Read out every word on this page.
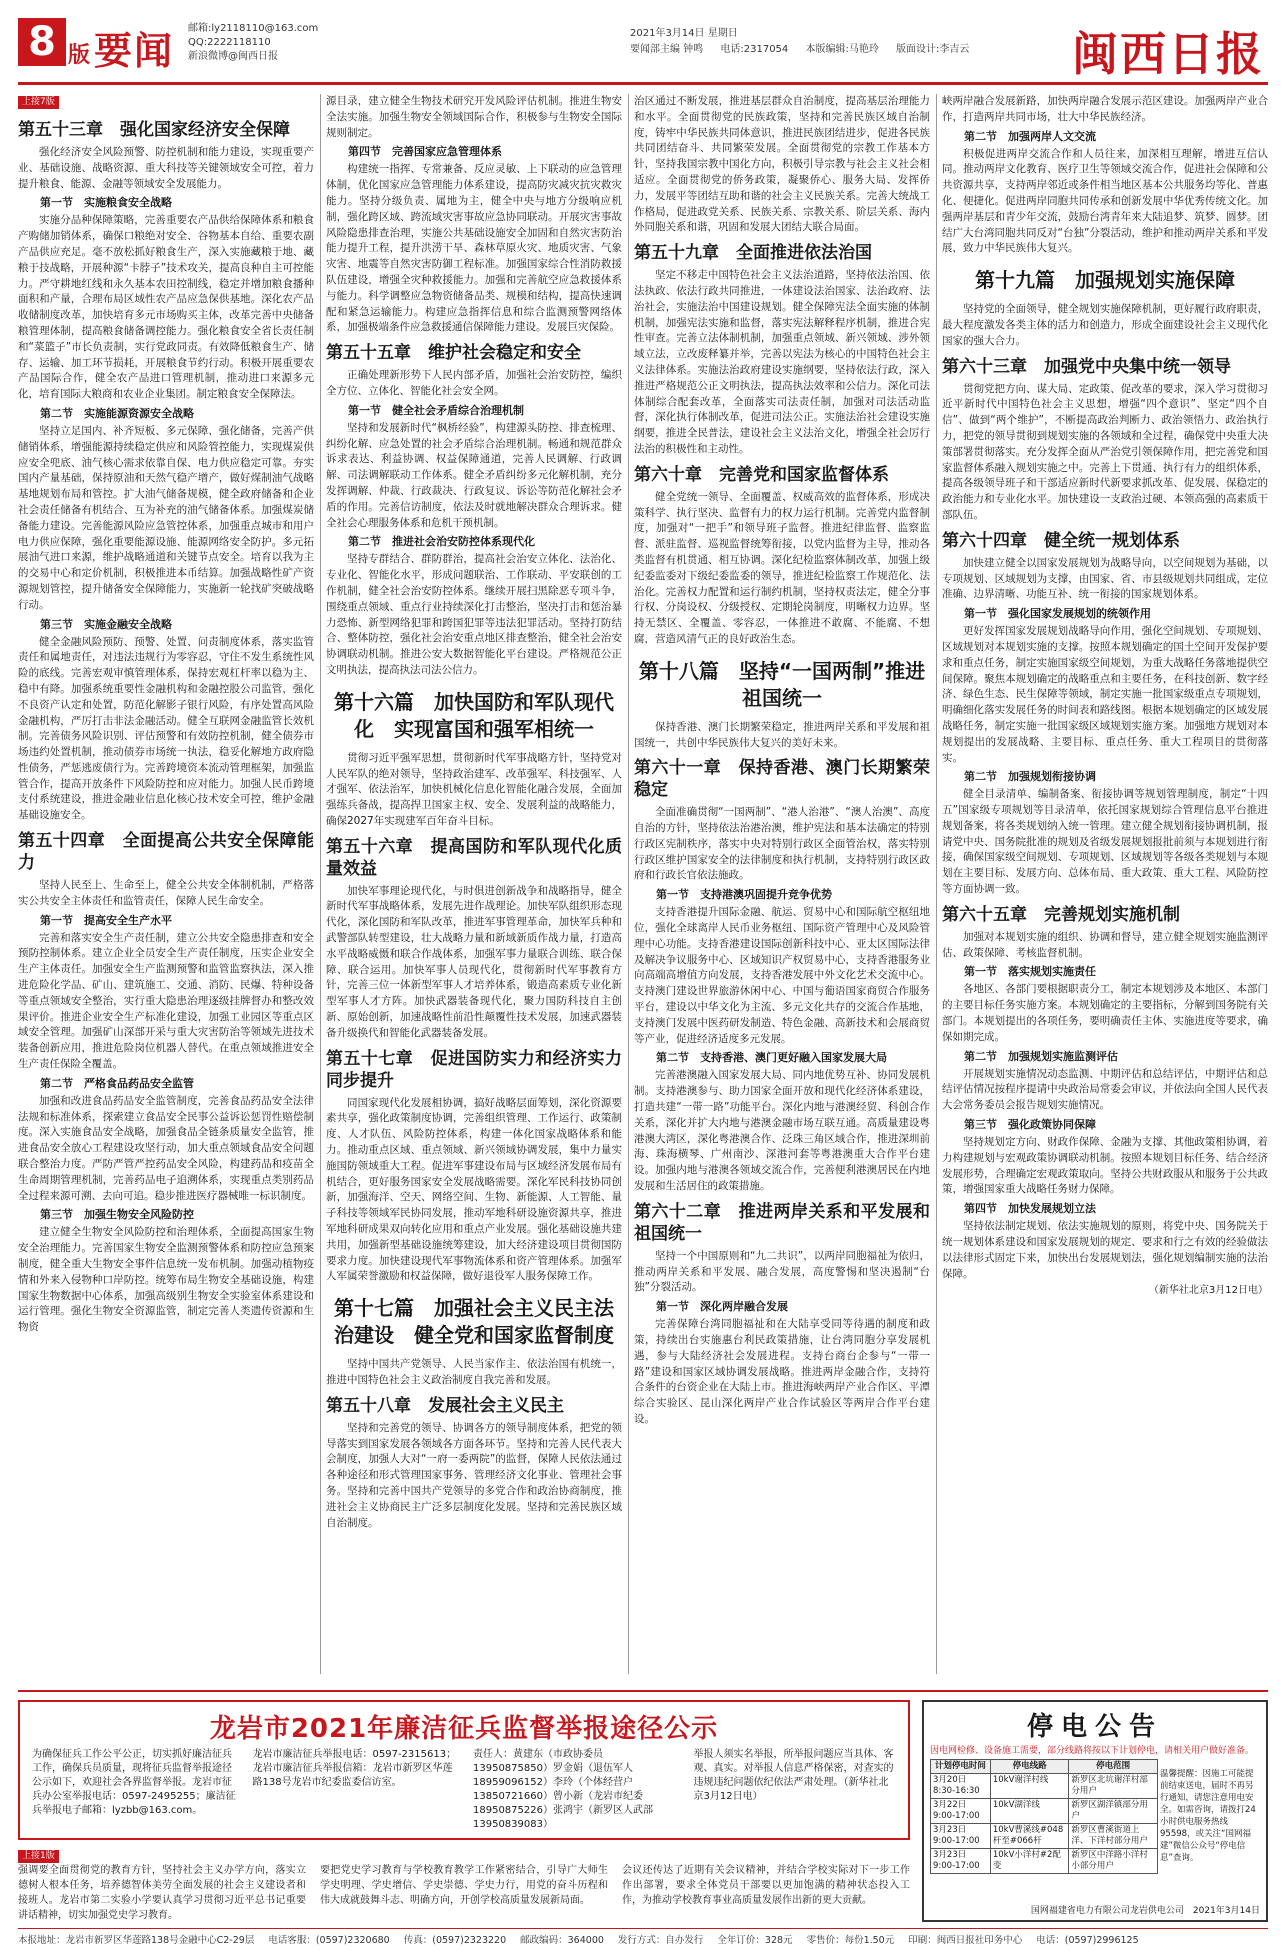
8 版 要闻
邮箱:ly2118110@163.com
QQ:2222118110
新浪微博@闽西日报
2021年3月14日 星期日
要闻部主编 钟鸣 电话:2317054 本版编辑:马艳玲 版面设计:李吉云	闽西日报
上接7版
第五十三章　强化国家经济安全保障

强化经济安全风险预警、防控机制和能力建设，实现重要产业、基础设施、战略资源、重大科技等关键领域安全可控，着力提升粮食、能源、金融等领域安全发展能力。

第一节　实施粮食安全战略

实施分品种保障策略，完善重要农产品供给保障体系和粮食产购储加销体系，确保口粮绝对安全、谷物基本自给、重要农副产品供应充足。毫不放松抓好粮食生产，深入实施藏粮于地、藏粮于技战略，开展种源“卡脖子”技术攻关，提高良种自主可控能力。严守耕地红线和永久基本农田控制线，稳定并增加粮食播种面积和产量，合理布局区域性农产品应急保供基地。深化农产品收储制度改革，加快培育多元市场购买主体，改革完善中央储备粮管理体制，提高粮食储备调控能力。强化粮食安全省长责任制和“菜篮子”市长负责制，实行党政同责。有效降低粮食生产、储存、运输、加工环节损耗，开展粮食节约行动。积极开展重要农产品国际合作，健全农产品进口管理机制，推动进口来源多元化，培育国际大粮商和农业企业集团。制定粮食安全保障法。

第二节　实施能源资源安全战略

坚持立足国内、补齐短板、多元保障、强化储备，完善产供储销体系，增强能源持续稳定供应和风险管控能力，实现煤炭供应安全兜底、油气核心需求依靠自保、电力供应稳定可靠。夯实国内产量基础，保持原油和天然气稳产增产，做好煤制油气战略基地规划布局和管控。扩大油气储备规模，健全政府储备和企业社会责任储备有机结合、互为补充的油气储备体系。加强煤炭储备能力建设。完善能源风险应急管控体系，加强重点城市和用户电力供应保障，强化重要能源设施、能源网络安全防护。多元拓展油气进口来源，维护战略通道和关键节点安全。培育以我为主的交易中心和定价机制，积极推进本币结算。加强战略性矿产资源规划管控，提升储备安全保障能力，实施新一轮找矿突破战略行动。

第三节　实施金融安全战略

健全金融风险预防、预警、处置、问责制度体系，落实监管责任和属地责任，对违法违规行为零容忍，守住不发生系统性风险的底线。完善宏观审慎管理体系，保持宏观杠杆率以稳为主、稳中有降。加强系统重要性金融机构和金融控股公司监管，强化不良资产认定和处置，防范化解影子银行风险，有序处置高风险金融机构，严厉打击非法金融活动。健全互联网金融监管长效机制。完善债务风险识别、评估预警和有效防控机制，健全债券市场违约处置机制，推动债券市场统一执法，稳妥化解地方政府隐性债务，严惩逃废债行为。完善跨境资本流动管理框架，加强监管合作，提高开放条件下风险防控和应对能力。加强人民币跨境支付系统建设，推进金融业信息化核心技术安全可控，维护金融基础设施安全。

第五十四章　全面提高公共安全保障能力

坚持人民至上、生命至上，健全公共安全体制机制，严格落实公共安全主体责任和监管责任，保障人民生命安全。

第一节　提高安全生产水平

完善和落实安全生产责任制，建立公共安全隐患排查和安全预防控制体系。建立企业全员安全生产责任制度，压实企业安全生产主体责任。加强安全生产监测预警和监管监察执法，深入推进危险化学品、矿山、建筑施工、交通、消防、民爆、特种设备等重点领域安全整治，实行重大隐患治理逐级挂牌督办和整改效果评价。推进企业安全生产标准化建设，加强工业园区等重点区域安全管理。加强矿山深部开采与重大灾害防治等领域先进技术装备创新应用，推进危险岗位机器人替代。在重点领域推进安全生产责任保险全覆盖。

第二节　严格食品药品安全监管

加强和改进食品药品安全监管制度，完善食品药品安全法律法规和标准体系，探索建立食品安全民事公益诉讼惩罚性赔偿制度。深入实施食品安全战略，加强食品全链条质量安全监管，推进食品安全放心工程建设攻坚行动，加大重点领域食品安全问题联合整治力度。严防严管严控药品安全风险，构建药品和疫苗全生命周期管理机制，完善药品电子追溯体系，实现重点类别药品全过程来源可溯、去向可追。稳步推进医疗器械唯一标识制度。

第三节　加强生物安全风险防控

建立健全生物安全风险防控和治理体系，全面提高国家生物安全治理能力。完善国家生物安全监测预警体系和防控应急预案制度，健全重大生物安全事件信息统一发布机制。加强动植物疫情和外来入侵物种口岸防控。统筹布局生物安全基础设施，构建国家生物数据中心体系，加强高级别生物安全实验室体系建设和运行管理。强化生物安全资源监管，制定完善人类遗传资源和生物资

源目录，建立健全生物技术研究开发风险评估机制。推进生物安全法实施。加强生物安全领域国际合作，积极参与生物安全国际规则制定。

第四节　完善国家应急管理体系

构建统一指挥、专常兼备、反应灵敏、上下联动的应急管理体制，优化国家应急管理能力体系建设，提高防灾减灾抗灾救灾能力。坚持分级负责、属地为主，健全中央与地方分级响应机制，强化跨区域、跨流域灾害事故应急协同联动。开展灾害事故风险隐患排查治理，实施公共基础设施安全加固和自然灾害防治能力提升工程，提升洪涝干旱、森林草原火灾、地质灾害、气象灾害、地震等自然灾害防御工程标准。加强国家综合性消防救援队伍建设，增强全灾种救援能力。加强和完善航空应急救援体系与能力。科学调整应急物资储备品类、规模和结构，提高快速调配和紧急运输能力。构建应急指挥信息和综合监测预警网络体系，加强极端条件应急救援通信保障能力建设。发展巨灾保险。

第五十五章　维护社会稳定和安全

正确处理新形势下人民内部矛盾，加强社会治安防控，编织全方位、立体化、智能化社会安全网。

第一节　健全社会矛盾综合治理机制

坚持和发展新时代“枫桥经验”，构建源头防控、排查梳理、纠纷化解、应急处置的社会矛盾综合治理机制。畅通和规范群众诉求表达、利益协调、权益保障通道，完善人民调解、行政调解、司法调解联动工作体系。健全矛盾纠纷多元化解机制，充分发挥调解、仲裁、行政裁决、行政复议、诉讼等防范化解社会矛盾的作用。完善信访制度，依法及时就地解决群众合理诉求。健全社会心理服务体系和危机干预机制。

第二节　推进社会治安防控体系现代化

坚持专群结合、群防群治，提高社会治安立体化、法治化、专业化、智能化水平，形成问题联治、工作联动、平安联创的工作机制，健全社会治安防控体系。继续开展扫黑除恶专项斗争，围绕重点领域、重点行业持续深化打击整治，坚决打击和惩治暴力恐怖、新型网络犯罪和跨国犯罪等违法犯罪活动。坚持打防结合、整体防控，强化社会治安重点地区排查整治，健全社会治安协调联动机制。推进公安大数据智能化平台建设。严格规范公正文明执法，提高执法司法公信力。

第十六篇　加快国防和军队现代化　实现富国和强军相统一

贯彻习近平强军思想，贯彻新时代军事战略方针，坚持党对人民军队的绝对领导，坚持政治建军、改革强军、科技强军、人才强军、依法治军，加快机械化信息化智能化融合发展，全面加强练兵备战，提高捍卫国家主权、安全、发展利益的战略能力，确保2027年实现建军百年奋斗目标。

第五十六章　提高国防和军队现代化质量效益

加快军事理论现代化，与时俱进创新战争和战略指导，健全新时代军事战略体系，发展先进作战理论。加快军队组织形态现代化，深化国防和军队改革，推进军事管理革命，加快军兵种和武警部队转型建设，壮大战略力量和新域新质作战力量，打造高水平战略威慑和联合作战体系，加强军事力量联合训练、联合保障、联合运用。加快军事人员现代化，贯彻新时代军事教育方针，完善三位一体新型军事人才培养体系，锻造高素质专业化新型军事人才方阵。加快武器装备现代化，聚力国防科技自主创新、原始创新，加速战略性前沿性颠覆性技术发展，加速武器装备升级换代和智能化武器装备发展。

第五十七章　促进国防实力和经济实力同步提升

同国家现代化发展相协调，搞好战略层面筹划，深化资源要素共享，强化政策制度协调，完善组织管理、工作运行、政策制度、人才队伍、风险防控体系，构建一体化国家战略体系和能力。推动重点区域、重点领域、新兴领域协调发展，集中力量实施国防领域重大工程。促进军事建设布局与区域经济发展布局有机结合，更好服务国家安全发展战略需要。深化军民科技协同创新，加强海洋、空天、网络空间、生物、新能源、人工智能、量子科技等领域军民协同发展，推动军地科研设施资源共享，推进军地科研成果双向转化应用和重点产业发展。强化基础设施共建共用，加强新型基础设施统筹建设，加大经济建设项目贯彻国防要求力度。加快建设现代军事物流体系和资产管理体系。加强军人军属荣誉激励和权益保障，做好退役军人服务保障工作。

第十七篇　加强社会主义民主法治建设　健全党和国家监督制度

坚持中国共产党领导、人民当家作主、依法治国有机统一，推进中国特色社会主义政治制度自我完善和发展。

第五十八章　发展社会主义民主

坚持和完善党的领导、协调各方的领导制度体系，把党的领导落实到国家发展各领域各方面各环节。坚持和完善人民代表大会制度，加强人大对“一府一委两院”的监督，保障人民依法通过各种途径和形式管理国家事务、管理经济文化事业、管理社会事务。坚持和完善中国共产党领导的多党合作和政治协商制度，推进社会主义协商民主广泛多层制度化发展。坚持和完善民族区域自治制度。

治区通过不断发展，推进基层群众自治制度，提高基层治理能力和水平。全面贯彻党的民族政策，坚持和完善民族区域自治制度，铸牢中华民族共同体意识，推进民族团结进步，促进各民族共同团结奋斗、共同繁荣发展。全面贯彻党的宗教工作基本方针，坚持我国宗教中国化方向，积极引导宗教与社会主义社会相适应。全面贯彻党的侨务政策，凝聚侨心、服务大局、发挥侨力，发展平等团结互助和谐的社会主义民族关系。完善大统战工作格局，促进政党关系、民族关系、宗教关系、阶层关系、海内外同胞关系和谐，巩固和发展大团结大联合局面。

第五十九章　全面推进依法治国

坚定不移走中国特色社会主义法治道路，坚持依法治国、依法执政、依法行政共同推进，一体建设法治国家、法治政府、法治社会，实施法治中国建设规划。健全保障宪法全面实施的体制机制，加强宪法实施和监督，落实宪法解释程序机制，推进合宪性审查。完善立法体制机制，加强重点领域、新兴领域、涉外领域立法，立改废释纂并举，完善以宪法为核心的中国特色社会主义法律体系。实施法治政府建设实施纲要，坚持依法行政，深入推进严格规范公正文明执法，提高执法效率和公信力。深化司法体制综合配套改革，全面落实司法责任制，加强对司法活动监督，深化执行体制改革，促进司法公正。实施法治社会建设实施纲要，推进全民普法，建设社会主义法治文化，增强全社会厉行法治的积极性和主动性。

第六十章　完善党和国家监督体系

健全党统一领导、全面覆盖、权威高效的监督体系，形成决策科学、执行坚决、监督有力的权力运行机制。完善党内监督制度，加强对“一把手”和领导班子监督。推进纪律监督、监察监督、派驻监督、巡视监督统筹衔接，以党内监督为主导，推动各类监督有机贯通、相互协调。深化纪检监察体制改革，加强上级纪委监委对下级纪委监委的领导，推进纪检监察工作规范化、法治化。完善权力配置和运行制约机制，坚持权责法定，健全分事行权、分岗设权、分级授权、定期轮岗制度，明晰权力边界。坚持无禁区、全覆盖、零容忍，一体推进不敢腐、不能腐、不想腐，营造风清气正的良好政治生态。

第十八篇　坚持“一国两制”推进祖国统一

保持香港、澳门长期繁荣稳定，推进两岸关系和平发展和祖国统一，共创中华民族伟大复兴的美好未来。

第六十一章　保持香港、澳门长期繁荣稳定

全面准确贯彻“一国两制”、“港人治港”、“澳人治澳”、高度自治的方针，坚持依法治港治澳，维护宪法和基本法确定的特别行政区宪制秩序，落实中央对特别行政区全面管治权，落实特别行政区维护国家安全的法律制度和执行机制，支持特别行政区政府和行政长官依法施政。

第一节　支持港澳巩固提升竞争优势

支持香港提升国际金融、航运、贸易中心和国际航空枢纽地位，强化全球离岸人民币业务枢纽、国际资产管理中心及风险管理中心功能。支持香港建设国际创新科技中心、亚太区国际法律及解决争议服务中心、区域知识产权贸易中心，支持香港服务业向高端高增值方向发展，支持香港发展中外文化艺术交流中心。支持澳门建设世界旅游休闲中心、中国与葡语国家商贸合作服务平台，建设以中华文化为主流、多元文化共存的交流合作基地，支持澳门发展中医药研发制造、特色金融、高新技术和会展商贸等产业，促进经济适度多元发展。

第二节　支持香港、澳门更好融入国家发展大局

完善港澳融入国家发展大局、同内地优势互补、协同发展机制。支持港澳参与、助力国家全面开放和现代化经济体系建设，打造共建“一带一路”功能平台。深化内地与港澳经贸、科创合作关系，深化并扩大内地与港澳金融市场互联互通。高质量建设粤港澳大湾区，深化粤港澳合作、泛珠三角区域合作，推进深圳前海、珠海横琴、广州南沙、深港河套等粤港澳重大合作平台建设。加强内地与港澳各领域交流合作，完善便利港澳居民在内地发展和生活居住的政策措施。

第六十二章　推进两岸关系和平发展和祖国统一

坚持一个中国原则和“九二共识”，以两岸同胞福祉为依归，推动两岸关系和平发展、融合发展，高度警惕和坚决遏制“台独”分裂活动。

第一节　深化两岸融合发展

完善保障台湾同胞福祉和在大陆享受同等待遇的制度和政策，持续出台实施惠台利民政策措施，让台湾同胞分享发展机遇，参与大陆经济社会发展进程。支持台商台企参与“一带一路”建设和国家区域协调发展战略。推进两岸金融合作，支持符合条件的台资企业在大陆上市。推进海峡两岸产业合作区、平潭综合实验区、昆山深化两岸产业合作试验区等两岸合作平台建设。

峡两岸融合发展新路，加快两岸融合发展示范区建设。加强两岸产业合作，打造两岸共同市场，壮大中华民族经济。

第二节　加强两岸人文交流

积极促进两岸交流合作和人员往来，加深相互理解，增进互信认同。推动两岸文化教育、医疗卫生等领域交流合作，促进社会保障和公共资源共享，支持两岸邻近或条件相当地区基本公共服务均等化、普惠化、便捷化。促进两岸同胞共同传承和创新发展中华优秀传统文化。加强两岸基层和青少年交流，鼓励台湾青年来大陆追梦、筑梦、圆梦。团结广大台湾同胞共同反对“台独”分裂活动，维护和推动两岸关系和平发展，致力中华民族伟大复兴。

第十九篇　加强规划实施保障

坚持党的全面领导，健全规划实施保障机制，更好履行政府职责，最大程度激发各类主体的活力和创造力，形成全面建设社会主义现代化国家的强大合力。

第六十三章　加强党中央集中统一领导

贯彻党把方向、谋大局、定政策、促改革的要求，深入学习贯彻习近平新时代中国特色社会主义思想，增强“四个意识”、坚定“四个自信”、做到“两个维护”，不断提高政治判断力、政治领悟力、政治执行力，把党的领导贯彻到规划实施的各领域和全过程，确保党中央重大决策部署贯彻落实。充分发挥全面从严治党引领保障作用，把完善党和国家监督体系融入规划实施之中。完善上下贯通、执行有力的组织体系，提高各级领导班子和干部适应新时代新要求抓改革、促发展、保稳定的政治能力和专业化水平。加快建设一支政治过硬、本领高强的高素质干部队伍。

第六十四章　健全统一规划体系

加快建立健全以国家发展规划为战略导向，以空间规划为基础，以专项规划、区域规划为支撑，由国家、省、市县级规划共同组成，定位准确、边界清晰、功能互补、统一衔接的国家规划体系。

第一节　强化国家发展规划的统领作用

更好发挥国家发展规划战略导向作用，强化空间规划、专项规划、区域规划对本规划实施的支撑。按照本规划确定的国土空间开发保护要求和重点任务，制定实施国家级空间规划，为重大战略任务落地提供空间保障。聚焦本规划确定的战略重点和主要任务，在科技创新、数字经济、绿色生态、民生保障等领域，制定实施一批国家级重点专项规划，明确细化落实发展任务的时间表和路线图。根据本规划确定的区域发展战略任务，制定实施一批国家级区域规划实施方案。加强地方规划对本规划提出的发展战略、主要目标、重点任务、重大工程项目的贯彻落实。

第二节　加强规划衔接协调

健全目录清单、编制备案、衔接协调等规划管理制度，制定“十四五”国家级专项规划等目录清单，依托国家规划综合管理信息平台推进规划备案，将各类规划纳入统一管理。建立健全规划衔接协调机制，报请党中央、国务院批准的规划及省级发展规划报批前须与本规划进行衔接，确保国家级空间规划、专项规划、区域规划等各级各类规划与本规划在主要目标、发展方向、总体布局、重大政策、重大工程、风险防控等方面协调一致。

第六十五章　完善规划实施机制

加强对本规划实施的组织、协调和督导，建立健全规划实施监测评估、政策保障、考核监督机制。

第一节　落实规划实施责任

各地区、各部门要根据职责分工，制定本规划涉及本地区、本部门的主要目标任务实施方案。本规划确定的主要指标，分解到国务院有关部门。本规划提出的各项任务，要明确责任主体、实施进度等要求，确保如期完成。

第二节　加强规划实施监测评估

开展规划实施情况动态监测、中期评估和总结评估，中期评估和总结评估情况按程序提请中央政治局常委会审议，并依法向全国人民代表大会常务委员会报告规划实施情况。

第三节　强化政策协同保障

坚持规划定方向、财政作保障、金融为支撑、其他政策相协调，着力构建规划与宏观政策协调联动机制。按照本规划目标任务、结合经济发展形势，合理确定宏观政策取向。坚持公共财政服从和服务于公共政策，增强国家重大战略任务财力保障。

第四节　加快发展规划立法

坚持依法制定规划、依法实施规划的原则，将党中央、国务院关于统一规划体系建设和国家发展规划的规定、要求和行之有效的经验做法以法律形式固定下来，加快出台发展规划法，强化规划编制实施的法治保障。

（新华社北京3月12日电）
龙岩市2021年廉洁征兵监督举报途径公示
为确保征兵工作公平公正，切实抓好廉洁征兵工作，确保兵员质量，现将征兵监督举报途径公示如下，欢迎社会各界监督举报。龙岩市征兵办公室举报电话：0597-2495255；廉洁征兵举报电子邮箱：lyzbb@163.com。
龙岩市廉洁征兵举报电话：0597-2315613；龙岩市廉洁征兵举报信箱：龙岩市新罗区华莲路138号龙岩市纪委监委信访室。
责任人：黄建东（市政协委员 13950875850）罗金娟（退伍军人 18959096152）李玲（个体经营户 13850721660）曾小新（龙岩市纪委 18950875226）张鸿宇（新罗区人武部 13950839083）
举报人须实名举报，所举报问题应当具体、客观、真实。对举报人信息严格保密，对查实的违规违纪问题依纪依法严肃处理。（新华社北京3月12日电）
停电公告
因电网检修、设备施工需要，部分线路将按以下计划停电，请相关用户做好准备。
计划停电时间	停电线路	停电范围
3月20日 8:30-16:30	10kV谢洋村线	新罗区北坑谢洋村部分用户
3月22日 9:00-17:00	10kV湖洋线	新罗区湖洋镇部分用户
3月23日 9:00-17:00	10kV曹溪线#048杆至#066杆	新罗区曹溪街道上洋、下洋村部分用户
3月23日 9:00-17:00	10kV小洋村#2配变	新罗区中洋路小洋村小部分用户
温馨提醒：因施工可能提前结束送电，届时不再另行通知，请您注意用电安全。如需咨询，请拨打24小时供电服务热线95598，或关注“国网福建”微信公众号“停电信息”查询。
国网福建省电力有限公司龙岩供电公司　2021年3月14日
上接1版
强调要全面贯彻党的教育方针，坚持社会主义办学方向，落实立德树人根本任务，培养德智体美劳全面发展的社会主义建设者和接班人。龙岩市第二实验小学要认真学习贯彻习近平总书记重要讲话精神，切实加强党史学习教育。
要把党史学习教育与学校教育教学工作紧密结合，引导广大师生学史明理、学史增信、学史崇德、学史力行，用党的奋斗历程和伟大成就鼓舞斗志、明确方向，开创学校高质量发展新局面。
会议还传达了近期有关会议精神，并结合学校实际对下一步工作作出部署，要求全体党员干部要以更加饱满的精神状态投入工作，为推动学校教育事业高质量发展作出新的更大贡献。
本报地址：龙岩市新罗区华莲路138号金融中心C2-29层 电话客服：(0597)2320680 传真：(0597)2323220 邮政编码：364000 发行方式：自办发行 全年订价：328元 零售价：每份1.50元 印刷：闽西日报社印务中心 电话：(0597)2996125
